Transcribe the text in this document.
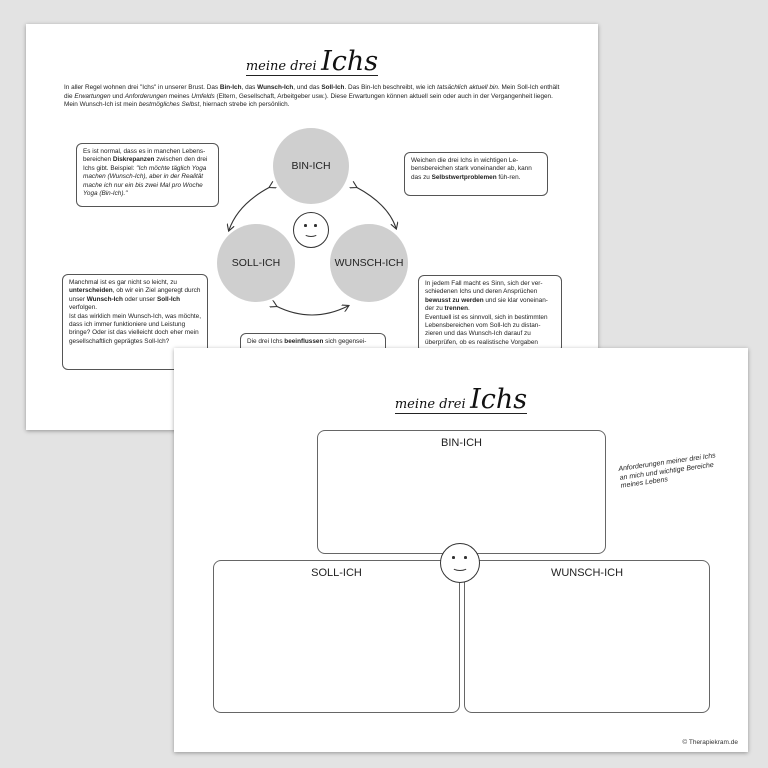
meine drei Ichs
In aller Regel wohnen drei "Ichs" in unserer Brust. Das Bin-Ich, das Wunsch-Ich, und das Soll-Ich. Das Bin-Ich beschreibt, wie ich tatsächlich aktuell bin. Mein Soll-Ich enthält die Erwartungen und Anforderungen meines Umfelds (Eltern, Gesellschaft, Arbeitgeber usw.). Diese Erwartungen können aktuell sein oder auch in der Vergangenheit liegen. Mein Wunsch-Ich ist mein bestmögliches Selbst, hiernach strebe ich persönlich.
BIN-ICH
SOLL-ICH	WUNSCH-ICH
Es ist normal, dass es in manchen Lebens-bereichen Diskrepanzen zwischen den drei Ichs gibt. Beispiel: "Ich möchte täglich Yoga machen (Wunsch-Ich), aber in der Realität mache ich nur ein bis zwei Mal pro Woche Yoga (Bin-Ich)."
Weichen die drei Ichs in wichtigen Le-bensbereichen stark voneinander ab, kann das zu Selbstwertproblemen füh-ren.
Manchmal ist es gar nicht so leicht, zu unterscheiden, ob wir ein Ziel angeregt durch unser Wunsch-Ich oder unser Soll-Ich verfolgen.
Ist das wirklich mein Wunsch-Ich, was möchte, dass ich immer funktioniere und Leistung bringe? Oder ist das vielleicht doch eher mein gesellschaftlich geprägtes Soll-Ich?
In jedem Fall macht es Sinn, sich der ver-schiedenen Ichs und deren Ansprüchen bewusst zu werden und sie klar voneinan-der zu trennen.
Eventuell ist es sinnvoll, sich in bestimmten Lebensbereichen vom Soll-Ich zu distan-zieren und das Wunsch-Ich darauf zu überprüfen, ob es realistische Vorgaben
Die drei Ichs beeinflussen sich gegensei-
meine drei Ichs
BIN-ICH
SOLL-ICH	WUNSCH-ICH
Anforderungen meiner drei Ichs an mich und wichtige Bereiche meines Lebens
© Therapiekram.de
